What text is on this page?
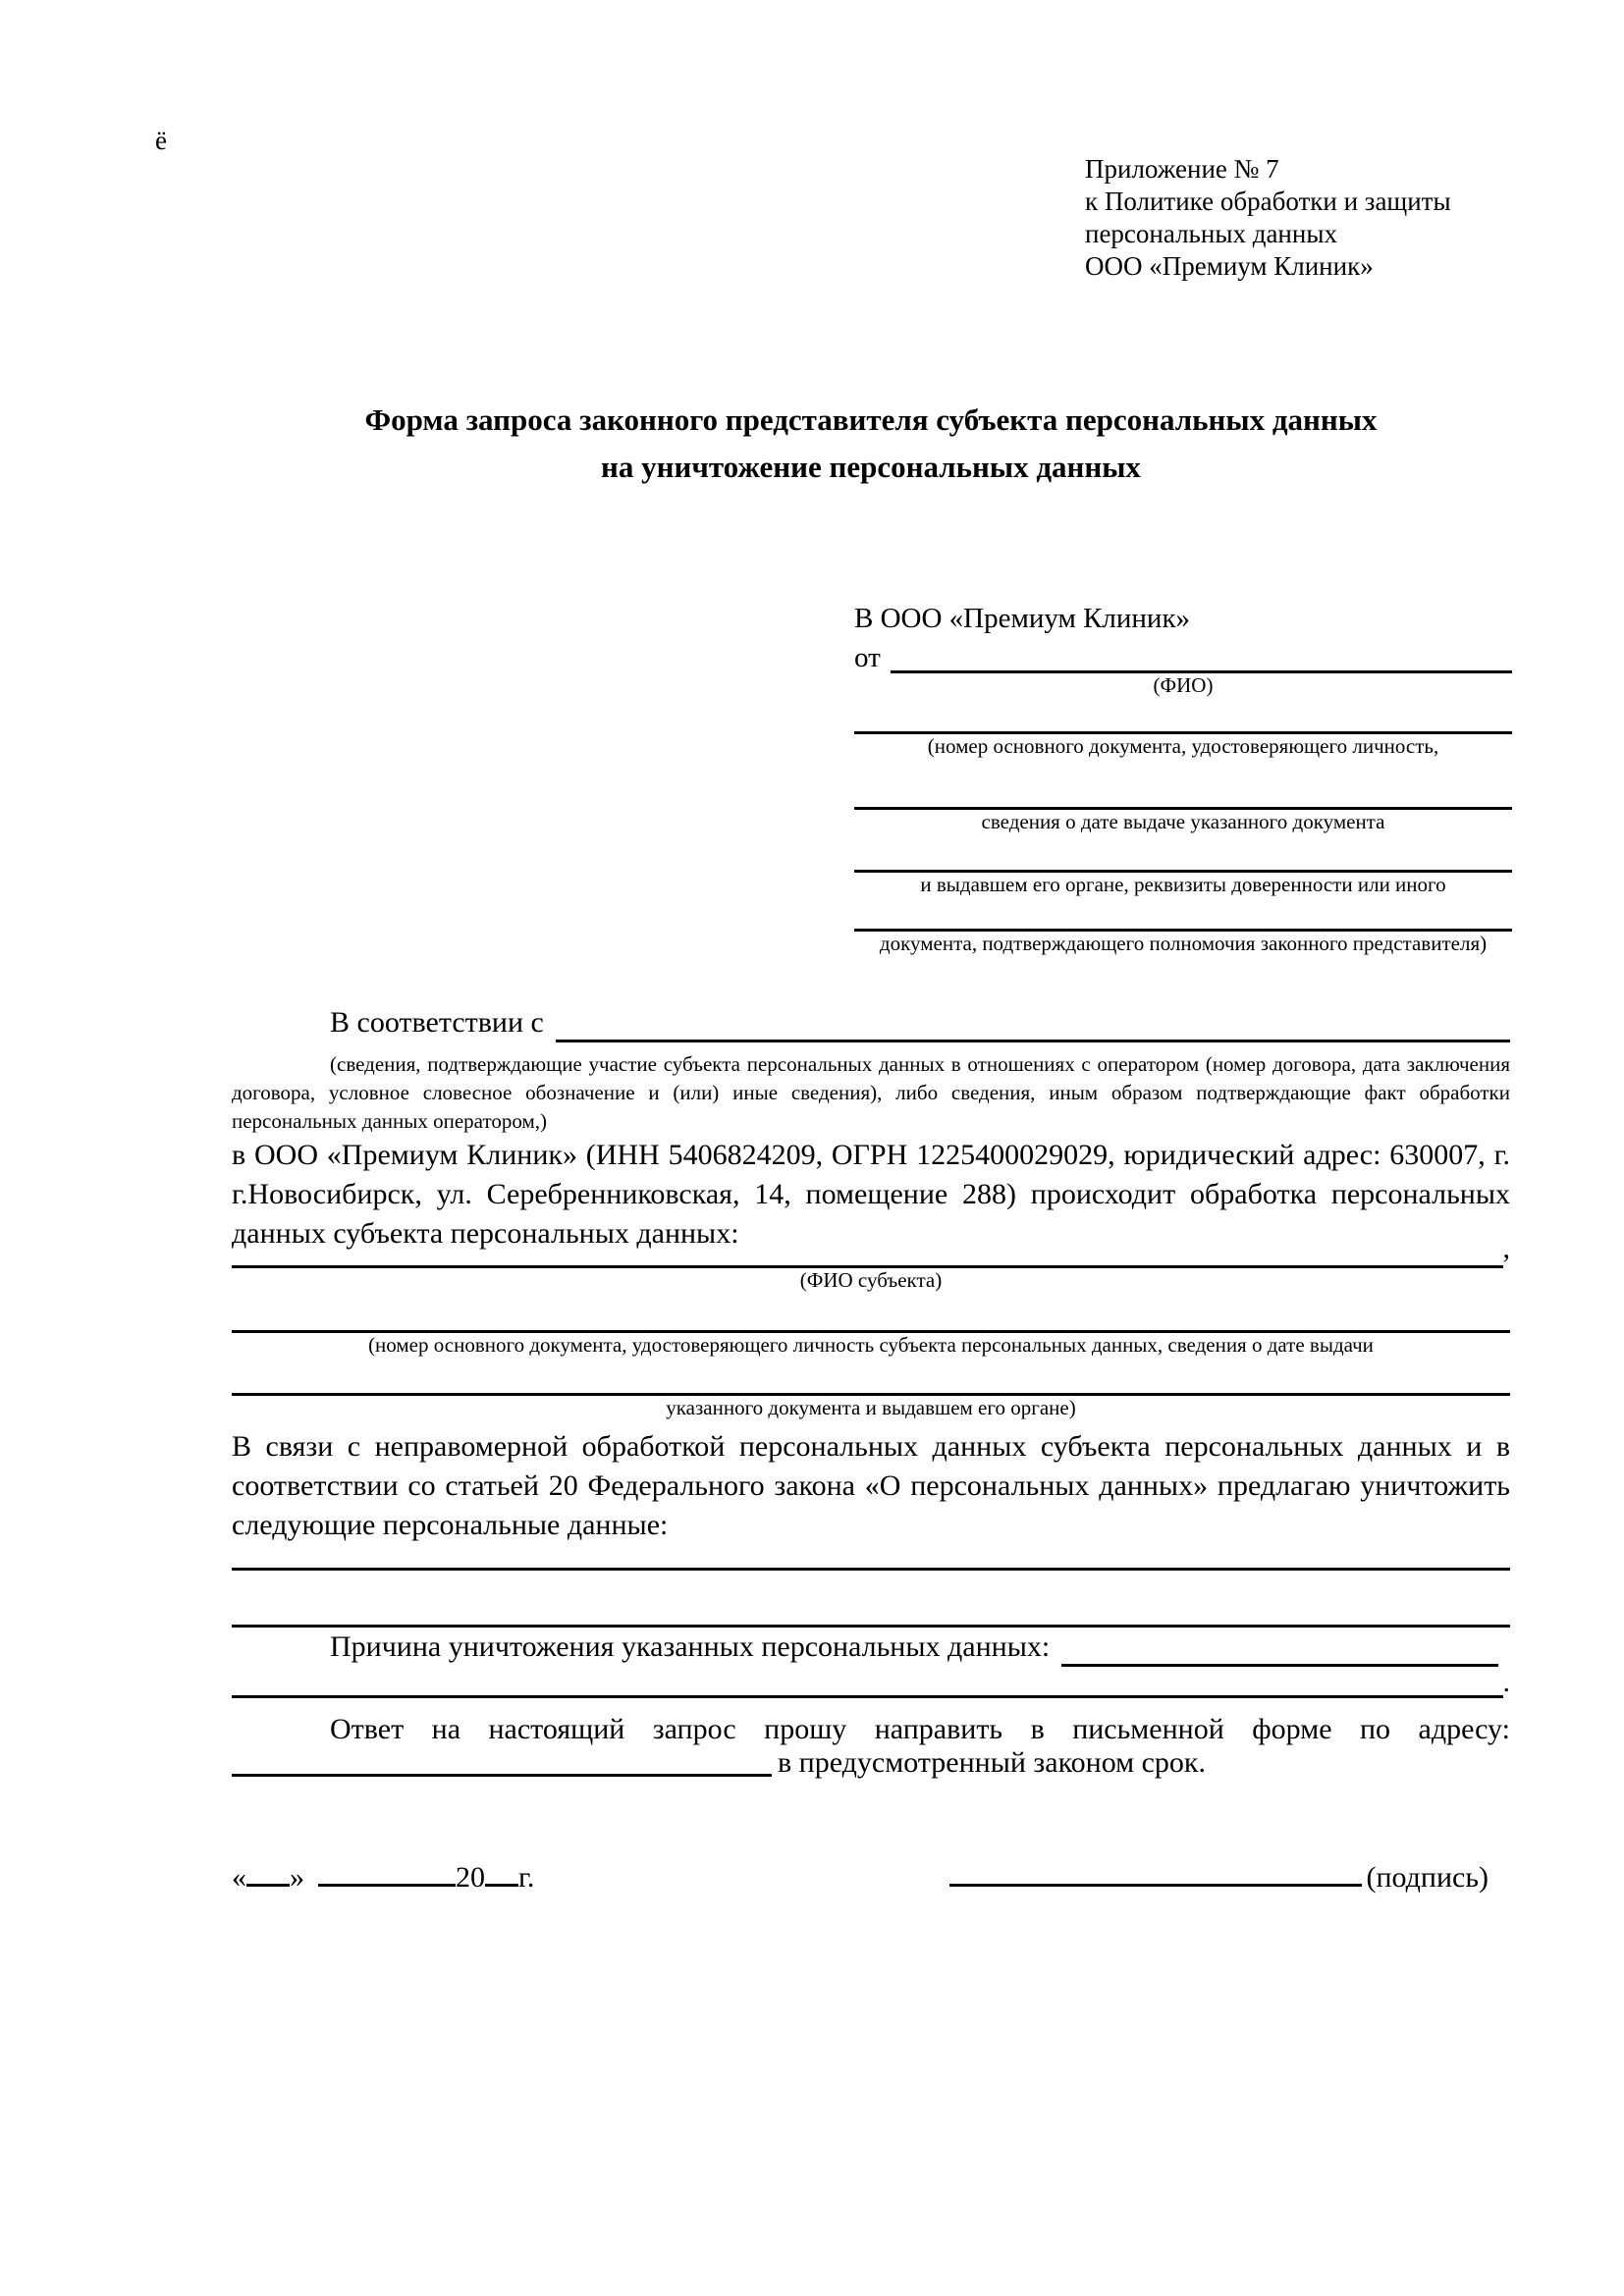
ё
Приложение № 7
к Политике обработки и защиты
персональных данных
ООО «Премиум Клиник»
Форма запроса законного представителя субъекта персональных данных
на уничтожение персональных данных
В ООО «Премиум Клиник»
от
(ФИО)
(номер основного документа, удостоверяющего личность,
сведения о дате выдаче указанного документа
и выдавшем его органе, реквизиты доверенности или иного
документа, подтверждающего полномочия законного представителя)
В соответствии с
(сведения, подтверждающие участие субъекта персональных данных в отношениях с оператором (номер договора, дата заключения договора, условное словесное обозначение и (или) иные сведения), либо сведения, иным образом подтверждающие факт обработки персональных данных оператором,)
в ООО «Премиум Клиник» (ИНН 5406824209, ОГРН 1225400029029, юридический адрес: 630007, г. г.Новосибирск, ул. Серебренниковская, 14, помещение 288) происходит обработка персональных данных субъекта персональных данных:	,
(ФИО субъекта)
(номер основного документа, удостоверяющего личность субъекта персональных данных, сведения о дате выдачи
указанного документа и выдавшем его органе)
В связи с неправомерной обработкой персональных данных субъекта персональных данных и в соответствии со статьей 20 Федерального закона «О персональных данных» предлагаю уничтожить следующие персональные данные:
Причина уничтожения указанных персональных данных:
.
Ответ на настоящий запрос прошу направить в письменной форме по адресу:
в предусмотренный законом срок.
« »	20 г.	(подпись)
